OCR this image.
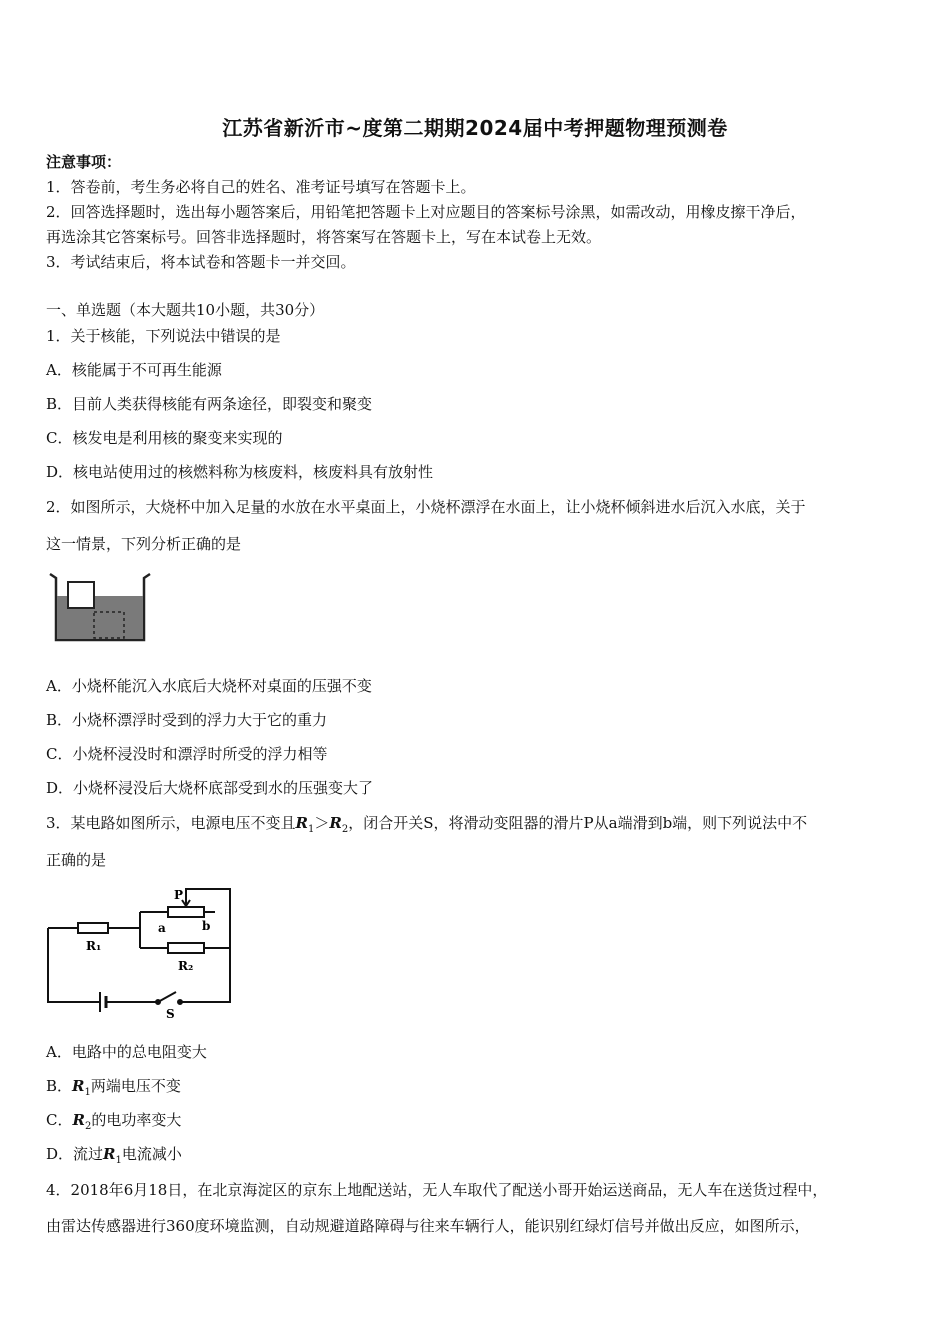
江苏省新沂市~度第二期期2024届中考押题物理预测卷
注意事项：
1．答卷前，考生务必将自己的姓名、准考证号填写在答题卡上。
2．回答选择题时，选出每小题答案后，用铅笔把答题卡上对应题目的答案标号涂黑，如需改动，用橡皮擦干净后，
再选涂其它答案标号。回答非选择题时，将答案写在答题卡上，写在本试卷上无效。
3．考试结束后，将本试卷和答题卡一并交回。
一、单选题（本大题共10小题，共30分）
1．关于核能，下列说法中错误的是
A．核能属于不可再生能源
B．目前人类获得核能有两条途径，即裂变和聚变
C．核发电是利用核的聚变来实现的
D．核电站使用过的核燃料称为核废料，核废料具有放射性
2．如图所示，大烧杯中加入足量的水放在水平桌面上，小烧杯漂浮在水面上，让小烧杯倾斜进水后沉入水底，关于
这一情景，下列分析正确的是
A．小烧杯能沉入水底后大烧杯对桌面的压强不变
B．小烧杯漂浮时受到的浮力大于它的重力
C．小烧杯浸没时和漂浮时所受的浮力相等
D．小烧杯浸没后大烧杯底部受到水的压强变大了
3．某电路如图所示，电源电压不变且$R_1>R_2$，闭合开关S，将滑动变阻器的滑片P从a端滑到b端，则下列说法中不
正确的是
P
a	b
R₁
R₂
S
A．电路中的总电阻变大
B．$R_1$两端电压不变
C．$R_2$的电功率变大
D．流过$R_1$电流减小
4．2018年6月18日，在北京海淀区的京东上地配送站，无人车取代了配送小哥开始运送商品，无人车在送货过程中，
由雷达传感器进行360度环境监测，自动规避道路障碍与往来车辆行人，能识别红绿灯信号并做出反应，如图所示，
